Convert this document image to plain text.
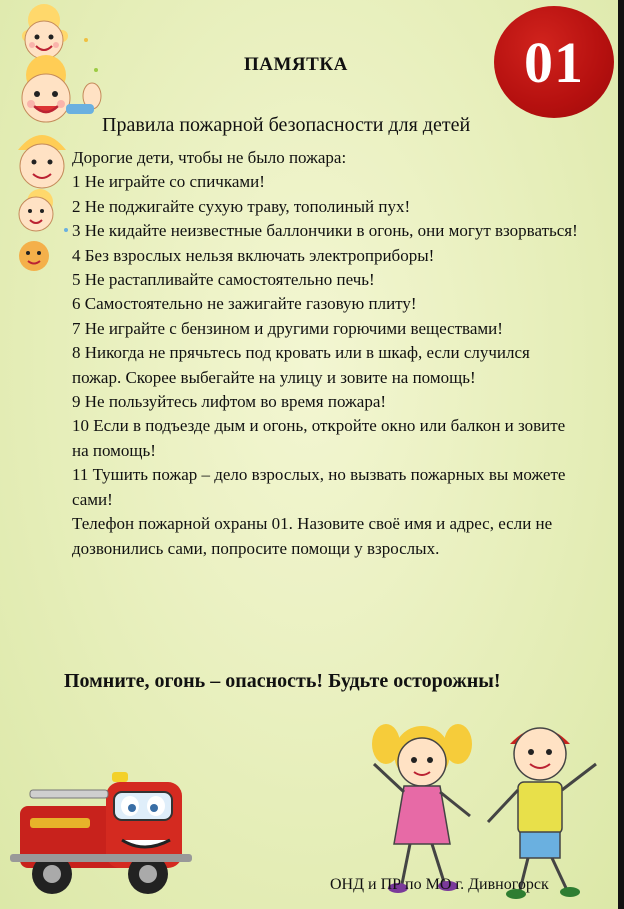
ПАМЯТКА	01
Правила пожарной безопасности для детей
Дорогие дети, чтобы не было пожара:
1 Не играйте со спичками!
2 Не поджигайте сухую траву, тополиный пух!
3 Не кидайте неизвестные баллончики в огонь, они могут взорваться!
4 Без взрослых нельзя включать электроприборы!
5 Не растапливайте самостоятельно печь!
6 Самостоятельно не зажигайте газовую плиту!
7 Не играйте с бензином и другими горючими веществами!
8 Никогда не прячьтесь под кровать или в шкаф, если случился пожар. Скорее выбегайте на улицу и зовите на помощь!
9 Не пользуйтесь лифтом во время пожара!
10 Если в подъезде дым и огонь, откройте окно или балкон и зовите на помощь!
11 Тушить пожар – дело взрослых, но вызвать пожарных вы можете сами!
Телефон пожарной охраны 01. Назовите своё имя и адрес, если не дозвонились сами, попросите помощи у взрослых.
Помните, огонь – опасность! Будьте осторожны!
ОНД и ПР по МО г. Дивногорск
